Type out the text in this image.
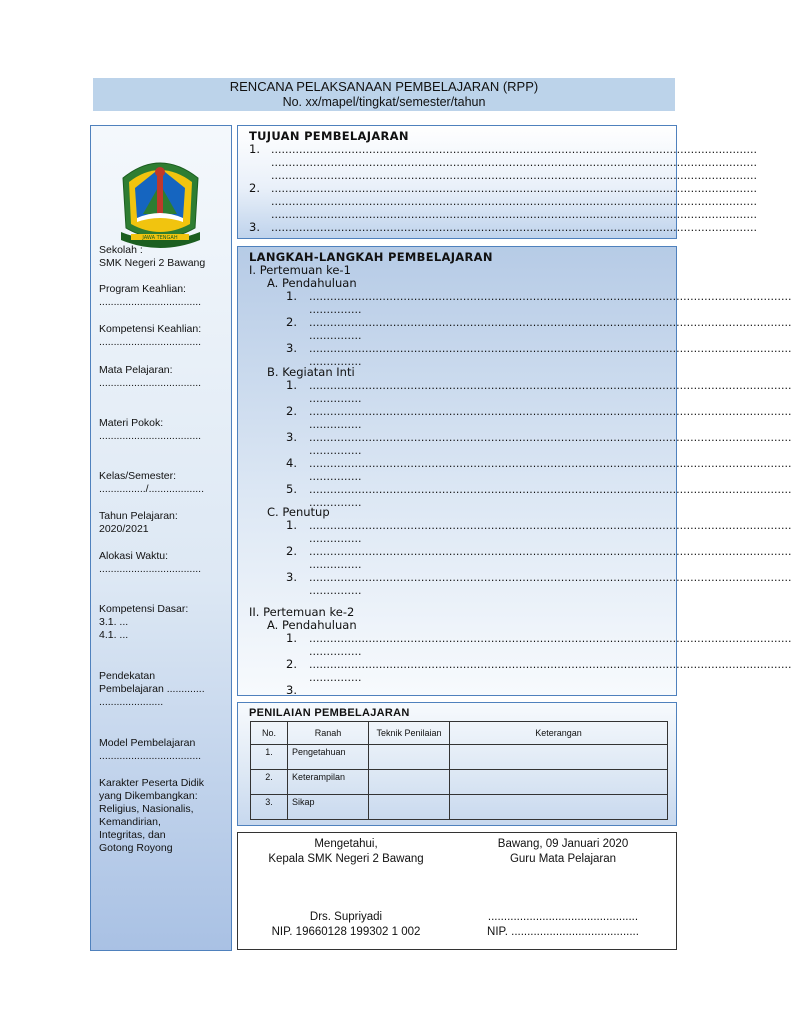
RENCANA PELAKSANAAN PEMBELAJARAN (RPP)
No. xx/mapel/tingkat/semester/tahun
JAWA TENGAH
Sekolah :
SMK Negeri 2 Bawang
Program Keahlian:
...................................
Kompetensi Keahlian:
...................................
Mata Pelajaran:
...................................
Materi Pokok:
...................................
Kelas/Semester:
................/...................
Tahun Pelajaran:
2020/2021
Alokasi Waktu:
...................................
Kompetensi Dasar:
3.1. ...
4.1. ...
Pendekatan
Pembelajaran .............
......................
Model Pembelajaran
...................................
Karakter Peserta Didik
yang Dikembangkan:
Religius, Nasionalis,
Kemandirian,
Integritas, dan
Gotong Royong
TUJUAN PEMBELAJARAN
1. ...........................................................................................................................................
...........................................................................................................................................
...........................................................................................................................................
2. ...........................................................................................................................................
...........................................................................................................................................
...........................................................................................................................................
3. ...........................................................................................................................................
LANGKAH-LANGKAH PEMBELAJARAN
I. Pertemuan ke-1
A. Pendahuluan
1. ..........................................................................................................................................
...............
2. ..........................................................................................................................................
...............
3. ..........................................................................................................................................
...............
B. Kegiatan Inti
1. ..........................................................................................................................................
...............
2. ..........................................................................................................................................
...............
3. ..........................................................................................................................................
...............
4. ..........................................................................................................................................
...............
5. ..........................................................................................................................................
...............
C. Penutup
1. ..........................................................................................................................................
...............
2. ..........................................................................................................................................
...............
3. ..........................................................................................................................................
...............
II. Pertemuan ke-2
A. Pendahuluan
1. ..........................................................................................................................................
...............
2. ..........................................................................................................................................
...............
3.
PENILAIAN PEMBELAJARAN
No.	Ranah	Teknik Penilaian	Keterangan
1.	Pengetahuan		
2.	Keterampilan		
3.	Sikap		
Mengetahui,
Kepala SMK Negeri 2 Bawang
Bawang, 09 Januari 2020
Guru Mata Pelajaran
Drs. Supriyadi
NIP. 19660128 199302 1 002
...............................................
NIP. ........................................
